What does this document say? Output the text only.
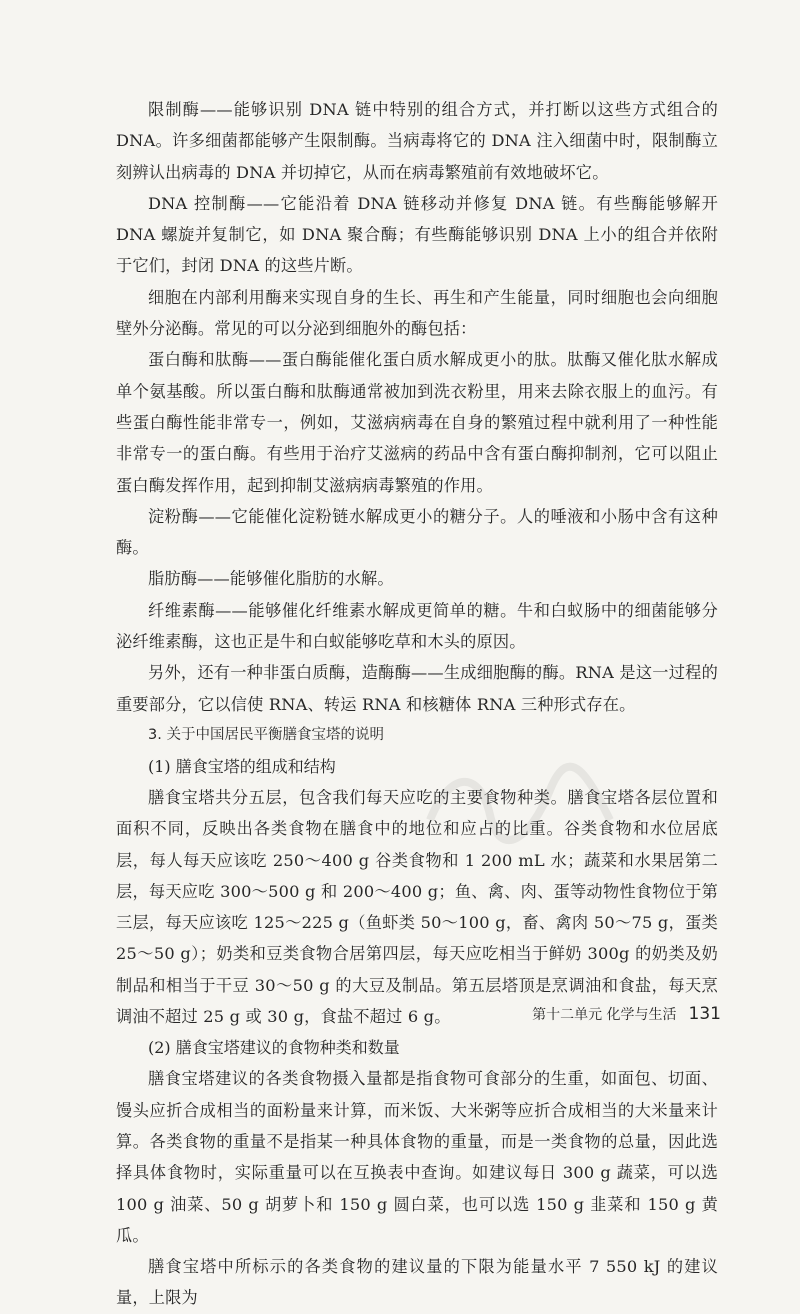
限制酶——能够识别 DNA 链中特别的组合方式，并打断以这些方式组合的 DNA。许多细菌都能够产生限制酶。当病毒将它的 DNA 注入细菌中时，限制酶立刻辨认出病毒的 DNA 并切掉它，从而在病毒繁殖前有效地破坏它。

DNA 控制酶——它能沿着 DNA 链移动并修复 DNA 链。有些酶能够解开 DNA 螺旋并复制它，如 DNA 聚合酶；有些酶能够识别 DNA 上小的组合并依附于它们，封闭 DNA 的这些片断。

细胞在内部利用酶来实现自身的生长、再生和产生能量，同时细胞也会向细胞壁外分泌酶。常见的可以分泌到细胞外的酶包括：

蛋白酶和肽酶——蛋白酶能催化蛋白质水解成更小的肽。肽酶又催化肽水解成单个氨基酸。所以蛋白酶和肽酶通常被加到洗衣粉里，用来去除衣服上的血污。有些蛋白酶性能非常专一，例如，艾滋病病毒在自身的繁殖过程中就利用了一种性能非常专一的蛋白酶。有些用于治疗艾滋病的药品中含有蛋白酶抑制剂，它可以阻止蛋白酶发挥作用，起到抑制艾滋病病毒繁殖的作用。

淀粉酶——它能催化淀粉链水解成更小的糖分子。人的唾液和小肠中含有这种酶。

脂肪酶——能够催化脂肪的水解。

纤维素酶——能够催化纤维素水解成更简单的糖。牛和白蚁肠中的细菌能够分泌纤维素酶，这也正是牛和白蚁能够吃草和木头的原因。

另外，还有一种非蛋白质酶，造酶酶——生成细胞酶的酶。RNA 是这一过程的重要部分，它以信使 RNA、转运 RNA 和核糖体 RNA 三种形式存在。

3. 关于中国居民平衡膳食宝塔的说明

(1) 膳食宝塔的组成和结构

膳食宝塔共分五层，包含我们每天应吃的主要食物种类。膳食宝塔各层位置和面积不同，反映出各类食物在膳食中的地位和应占的比重。谷类食物和水位居底层，每人每天应该吃 250～400 g 谷类食物和 1 200 mL 水；蔬菜和水果居第二层，每天应吃 300～500 g 和 200～400 g；鱼、禽、肉、蛋等动物性食物位于第三层，每天应该吃 125～225 g（鱼虾类 50～100 g，畜、禽肉 50～75 g，蛋类 25～50 g）；奶类和豆类食物合居第四层，每天应吃相当于鲜奶 300g 的奶类及奶制品和相当于干豆 30～50 g 的大豆及制品。第五层塔顶是烹调油和食盐，每天烹调油不超过 25 g 或 30 g，食盐不超过 6 g。

(2) 膳食宝塔建议的食物种类和数量

膳食宝塔建议的各类食物摄入量都是指食物可食部分的生重，如面包、切面、馒头应折合成相当的面粉量来计算，而米饭、大米粥等应折合成相当的大米量来计算。各类食物的重量不是指某一种具体食物的重量，而是一类食物的总量，因此选择具体食物时，实际重量可以在互换表中查询。如建议每日 300 g 蔬菜，可以选 100 g 油菜、50 g 胡萝卜和 150 g 圆白菜，也可以选 150 g 韭菜和 150 g 黄瓜。

膳食宝塔中所标示的各类食物的建议量的下限为能量水平 7 550 kJ 的建议量，上限为

第十二单元 化学与生活 131
